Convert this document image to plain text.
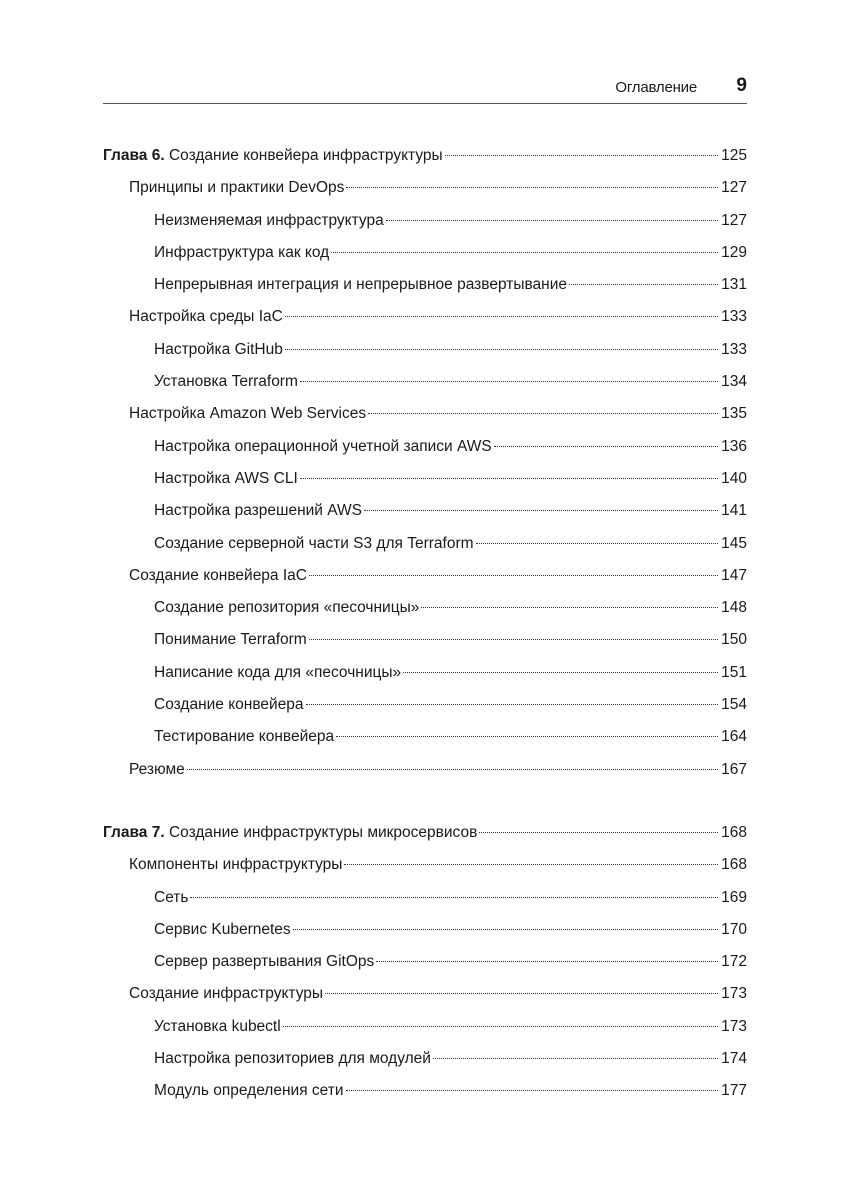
Оглавление 9
Глава 6. Создание конвейера инфраструктуры	125
Принципы и практики DevOps	127
Неизменяемая инфраструктура	127
Инфраструктура как код	129
Непрерывная интеграция и непрерывное развертывание	131
Настройка среды IaC	133
Настройка GitHub	133
Установка Terraform	134
Настройка Amazon Web Services	135
Настройка операционной учетной записи AWS	136
Настройка AWS CLI	140
Настройка разрешений AWS	141
Создание серверной части S3 для Terraform	145
Создание конвейера IaC	147
Создание репозитория «песочницы»	148
Понимание Terraform	150
Написание кода для «песочницы»	151
Создание конвейера	154
Тестирование конвейера	164
Резюме	167
Глава 7. Создание инфраструктуры микросервисов	168
Компоненты инфраструктуры	168
Сеть	169
Сервис Kubernetes	170
Сервер развертывания GitOps	172
Создание инфраструктуры	173
Установка kubectl	173
Настройка репозиториев для модулей	174
Модуль определения сети	177
